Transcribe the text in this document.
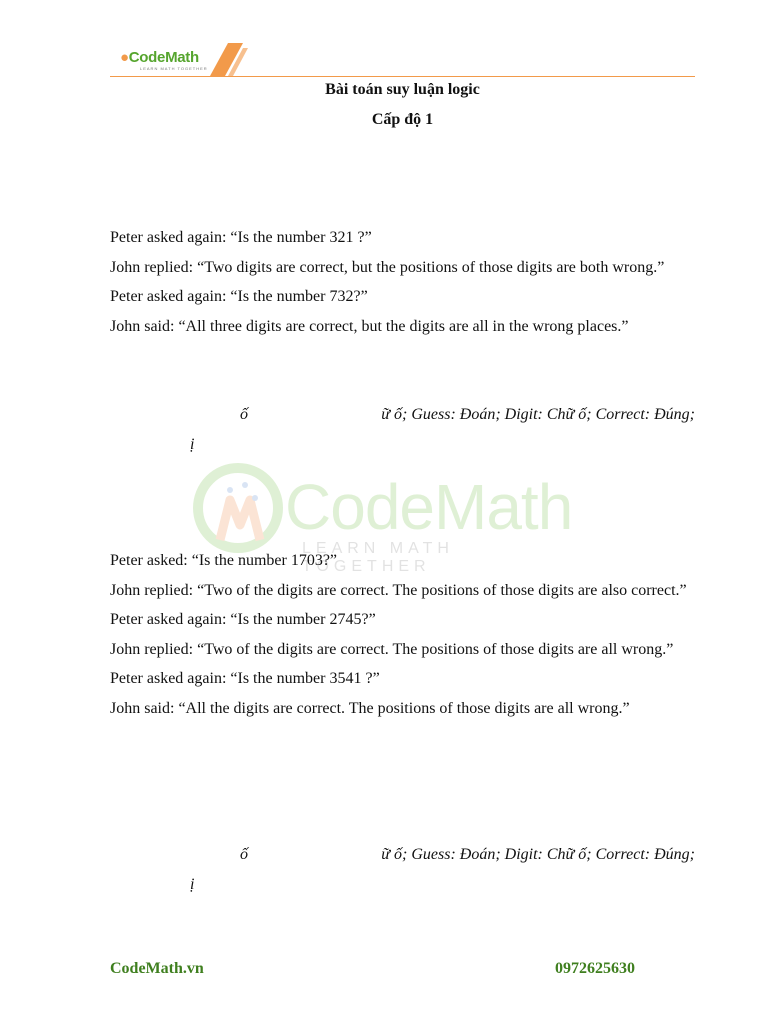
●CodeMath
LEARN MATH TOGETHER
Bài toán suy luận logic
Cấp độ 1

Peter asked again: “Is the number 321 ?”

John replied: “Two digits are correct, but the positions of those digits are both wrong.”

Peter asked again: “Is the number 732?”

John said: “All three digits are correct, but the digits are all in the wrong places.”

ố	ữ ố; Guess: Đoán; Digit: Chữ ố; Correct: Đúng;
ị
CodeMath
LEARN MATH TOGETHER

Peter asked: “Is the number 1703?”

John replied: “Two of the digits are correct. The positions of those digits are also correct.”

Peter asked again: “Is the number 2745?”

John replied: “Two of the digits are correct. The positions of those digits are all wrong.”

Peter asked again: “Is the number 3541 ?”

John said: “All the digits are correct. The positions of those digits are all wrong.”

ố	ữ ố; Guess: Đoán; Digit: Chữ ố; Correct: Đúng;
ị
CodeMath.vn	0972625630
